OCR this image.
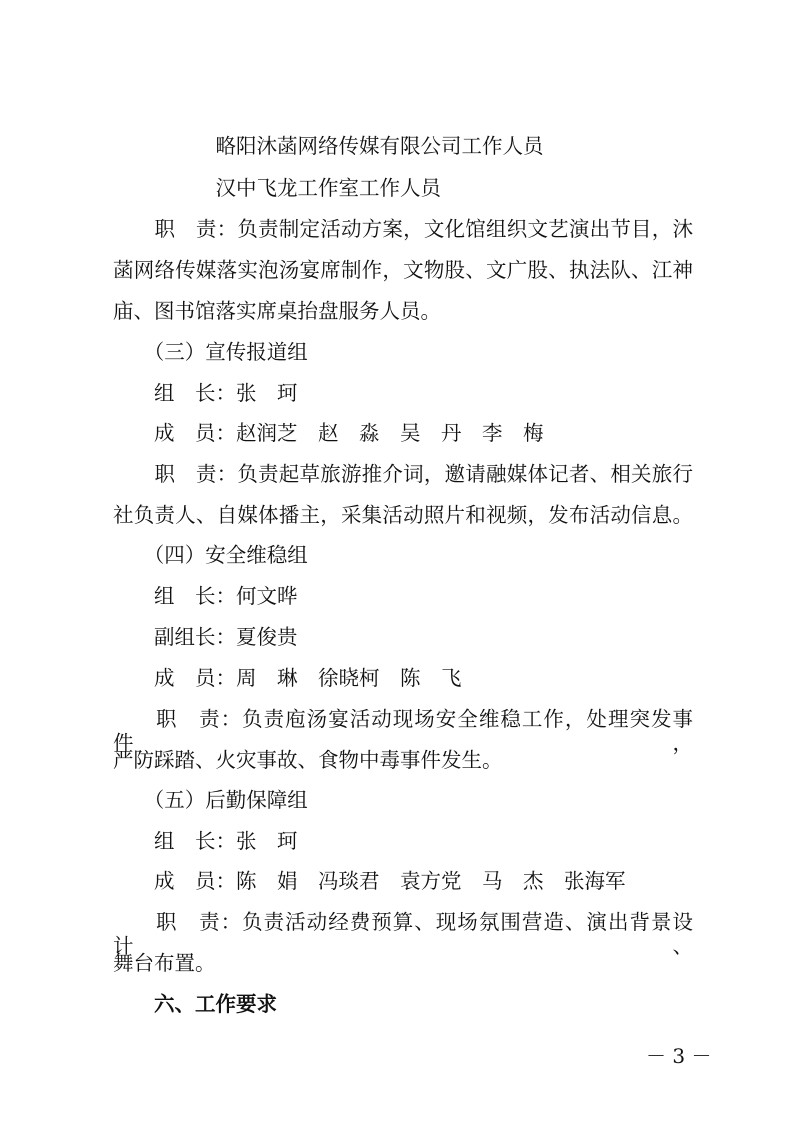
　　　　　略阳沐菡网络传媒有限公司工作人员

　　　　　汉中飞龙工作室工作人员

　　职　责：负责制定活动方案，文化馆组织文艺演出节目，沐

菡网络传媒落实泡汤宴席制作，文物股、文广股、执法队、江神

庙、图书馆落实席桌抬盘服务人员。

　　（三）宣传报道组

　　组　长：张　珂

　　成　员：赵润芝　赵　淼　吴　丹　李　梅

　　职　责：负责起草旅游推介词，邀请融媒体记者、相关旅行

社负责人、自媒体播主，采集活动照片和视频，发布活动信息。

　　（四）安全维稳组

　　组　长：何文晔

　　副组长：夏俊贵

　　成　员：周　琳　徐晓柯　陈　飞

　　职　责：负责庖汤宴活动现场安全维稳工作，处理突发事件，

严防踩踏、火灾事故、食物中毒事件发生。

　　（五）后勤保障组

　　组　长：张　珂

　　成　员：陈　娟　冯琰君　袁方党　马　杰　张海军

　　职　责：负责活动经费预算、现场氛围营造、演出背景设计、

舞台布置。

　　六、工作要求

－ 3 －
